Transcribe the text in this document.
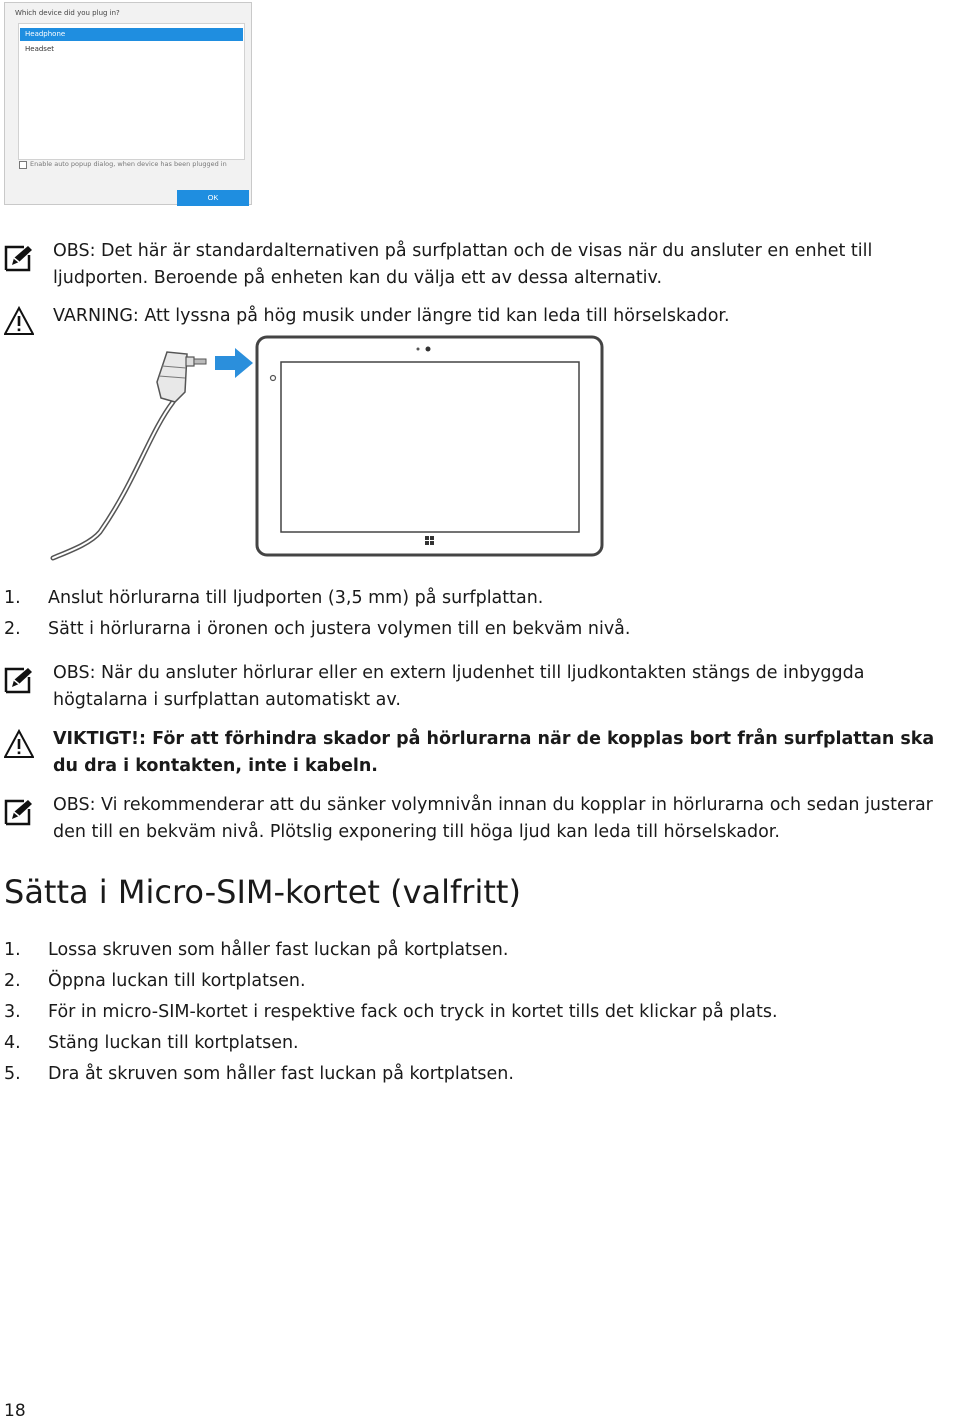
Which device did you plug in?
Headphone
Headset
Enable auto popup dialog, when device has been plugged in
OK
OBS: Det här är standardalternativen på surfplattan och de visas när du ansluter en enhet till ljudporten. Beroende på enheten kan du välja ett av dessa alternativ.
VARNING: Att lyssna på hög musik under längre tid kan leda till hörselskador.
1. Anslut hörlurarna till ljudporten (3,5 mm) på surfplattan.
2. Sätt i hörlurarna i öronen och justera volymen till en bekväm nivå.
OBS: När du ansluter hörlurar eller en extern ljudenhet till ljudkontakten stängs de inbyggda högtalarna i surfplattan automatiskt av.
VIKTIGT!: För att förhindra skador på hörlurarna när de kopplas bort från surfplattan ska du dra i kontakten, inte i kabeln.
OBS: Vi rekommenderar att du sänker volymnivån innan du kopplar in hörlurarna och sedan justerar den till en bekväm nivå. Plötslig exponering till höga ljud kan leda till hörselskador.
Sätta i Micro-SIM-kortet (valfritt)
1. Lossa skruven som håller fast luckan på kortplatsen.
2. Öppna luckan till kortplatsen.
3. För in micro-SIM-kortet i respektive fack och tryck in kortet tills det klickar på plats.
4. Stäng luckan till kortplatsen.
5. Dra åt skruven som håller fast luckan på kortplatsen.
18
